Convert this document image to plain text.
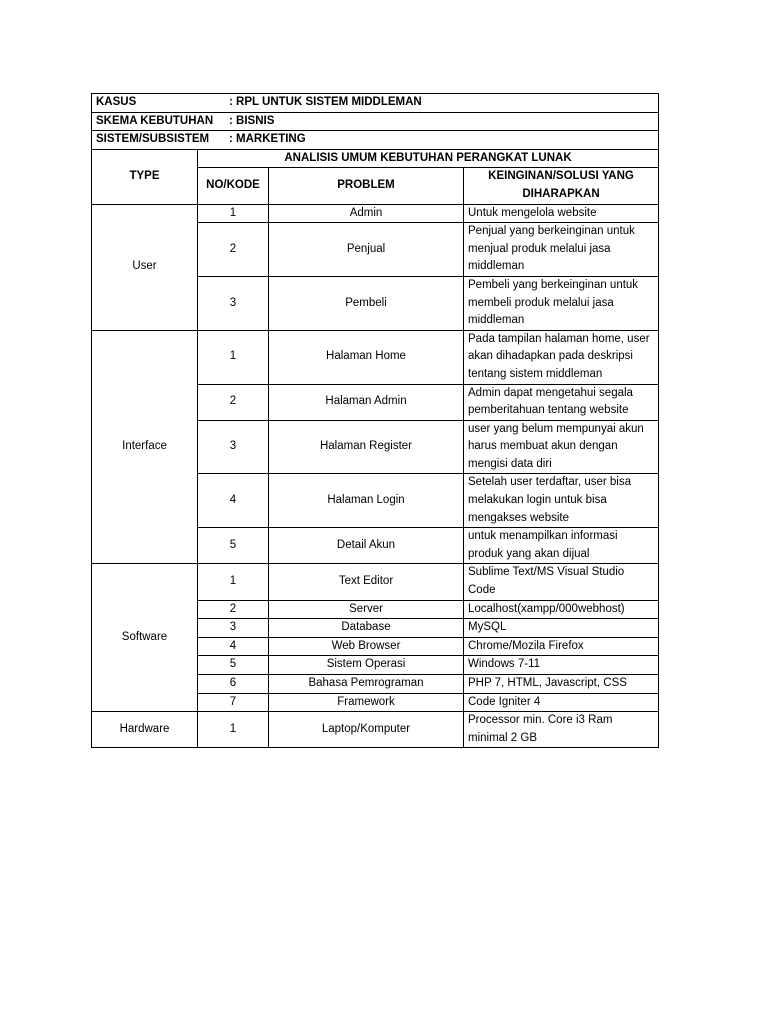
KASUS : RPL UNTUK SISTEM MIDDLEMAN			
SKEMA KEBUTUHAN : BISNIS			
SISTEM/SUBSISTEM : MARKETING			
TYPE	ANALISIS UMUM KEBUTUHAN PERANGKAT LUNAK		
	NO/KODE	PROBLEM	KEINGINAN/SOLUSI YANG DIHARAPKAN
User	1	Admin	Untuk mengelola website
	2	Penjual	Penjual yang berkeinginan untuk menjual produk melalui jasa middleman
	3	Pembeli	Pembeli yang berkeinginan untuk membeli produk melalui jasa middleman
Interface	1	Halaman Home	Pada tampilan halaman home, user akan dihadapkan pada deskripsi tentang sistem middleman
	2	Halaman Admin	Admin dapat mengetahui segala pemberitahuan tentang website
	3	Halaman Register	user yang belum mempunyai akun harus membuat akun dengan mengisi data diri
	4	Halaman Login	Setelah user terdaftar, user bisa melakukan login untuk bisa mengakses website
	5	Detail Akun	untuk menampilkan informasi produk yang akan dijual
Software	1	Text Editor	Sublime Text/MS Visual Studio Code
	2	Server	Localhost(xampp/000webhost)
	3	Database	MySQL
	4	Web Browser	Chrome/Mozila Firefox
	5	Sistem Operasi	Windows 7-11
	6	Bahasa Pemrograman	PHP 7, HTML, Javascript, CSS
	7	Framework	Code Igniter 4
Hardware	1	Laptop/Komputer	Processor min. Core i3 Ram minimal 2 GB
